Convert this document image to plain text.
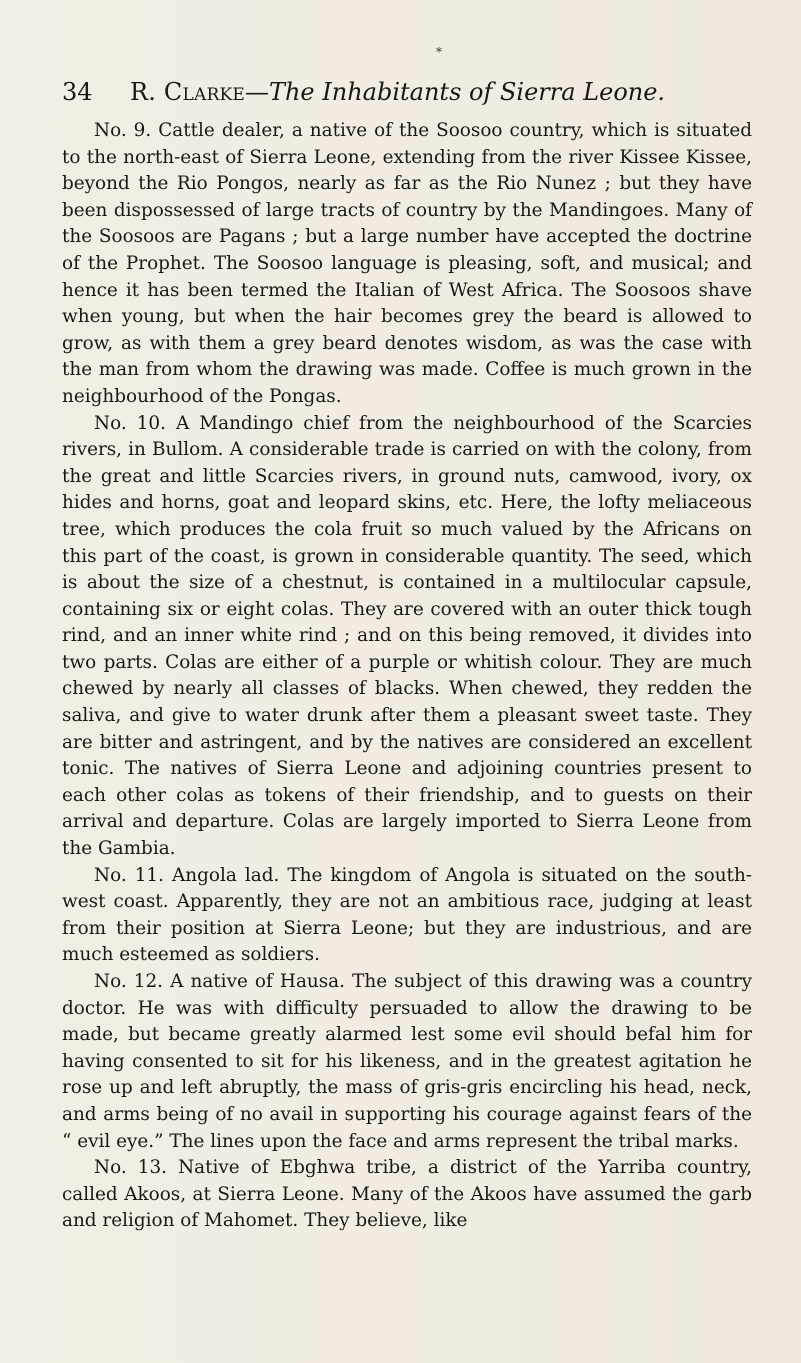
*
34 R. Clarke—The Inhabitants of Sierra Leone.

No. 9. Cattle dealer, a native of the Soosoo country, which is situated to the north-east of Sierra Leone, extending from the river Kissee Kissee, beyond the Rio Pongos, nearly as far as the Rio Nunez ; but they have been dispossessed of large tracts of country by the Mandingoes. Many of the Soosoos are Pagans ; but a large number have accepted the doctrine of the Prophet. The Soosoo language is pleasing, soft, and musical; and hence it has been termed the Italian of West Africa. The Soosoos shave when young, but when the hair becomes grey the beard is allowed to grow, as with them a grey beard denotes wisdom, as was the case with the man from whom the drawing was made. Coffee is much grown in the neighbourhood of the Pongas.

No. 10. A Mandingo chief from the neighbourhood of the Scarcies rivers, in Bullom. A considerable trade is carried on with the colony, from the great and little Scarcies rivers, in ground nuts, camwood, ivory, ox hides and horns, goat and leopard skins, etc. Here, the lofty meliaceous tree, which produces the cola fruit so much valued by the Africans on this part of the coast, is grown in considerable quantity. The seed, which is about the size of a chestnut, is contained in a multilocular capsule, containing six or eight colas. They are covered with an outer thick tough rind, and an inner white rind ; and on this being removed, it divides into two parts. Colas are either of a purple or whitish colour. They are much chewed by nearly all classes of blacks. When chewed, they redden the saliva, and give to water drunk after them a pleasant sweet taste. They are bitter and astringent, and by the natives are considered an excellent tonic. The natives of Sierra Leone and adjoining countries present to each other colas as tokens of their friendship, and to guests on their arrival and departure. Colas are largely imported to Sierra Leone from the Gambia.

No. 11. Angola lad. The kingdom of Angola is situated on the south-west coast. Apparently, they are not an ambitious race, judging at least from their position at Sierra Leone; but they are industrious, and are much esteemed as soldiers.

No. 12. A native of Hausa. The subject of this drawing was a country doctor. He was with difficulty persuaded to allow the drawing to be made, but became greatly alarmed lest some evil should befal him for having consented to sit for his likeness, and in the greatest agitation he rose up and left abruptly, the mass of gris-gris encircling his head, neck, and arms being of no avail in supporting his courage against fears of the “ evil eye.” The lines upon the face and arms represent the tribal marks.

No. 13. Native of Ebghwa tribe, a district of the Yarriba country, called Akoos, at Sierra Leone. Many of the Akoos have assumed the garb and religion of Mahomet. They believe, like
